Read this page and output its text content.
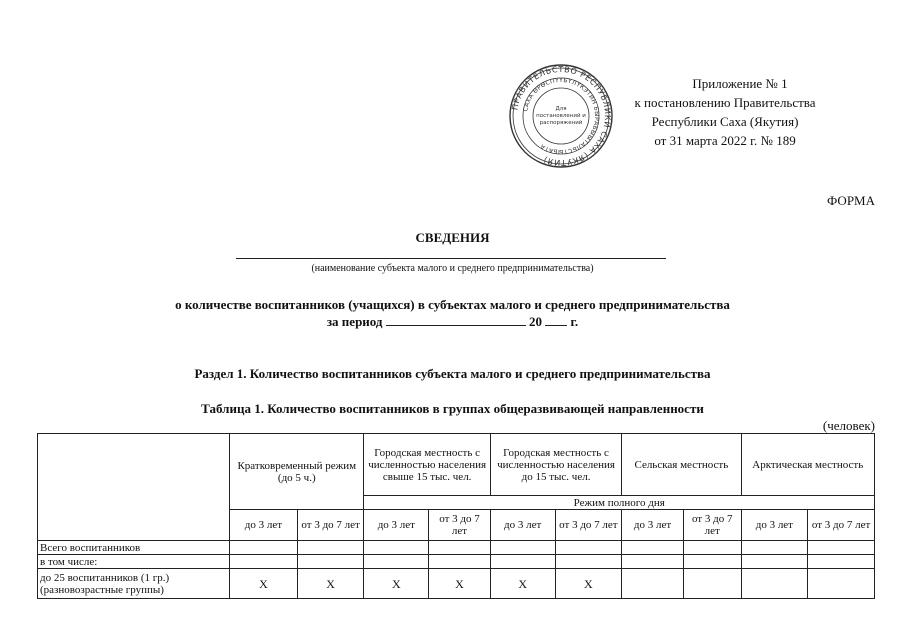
ПРАВИТЕЛЬСТВО РЕСПУБЛИКИ САХА (ЯКУТИЯ)
САХА ӨРӨСПҮҮБҮЛҮКЭТИН БЫРАБЫЫТАЛЬСТЫБАТА
Для
постановлений и
распоряжений
Приложение № 1
к постановлению Правительства
Республики Саха (Якутия)
от 31 марта 2022 г. № 189
ФОРМА
СВЕДЕНИЯ
(наименование субъекта малого и среднего предпринимательства)
о количестве воспитанников (учащихся) в субъектах малого и среднего предпринимательства
за период	20 г.
Раздел 1. Количество воспитанников субъекта малого и среднего предпринимательства
Таблица 1. Количество воспитанников в группах общеразвивающей направленности
(человек)
	Кратковременный режим (до 5 ч.)		Городская местность с численностью населения свыше 15 тыс. чел.		Городская местность с численностью населения до 15 тыс. чел.		Сельская местность		Арктическая местность	
			Режим полного дня							
	до 3 лет	от 3 до 7 лет	до 3 лет	от 3 до 7 лет	до 3 лет	от 3 до 7 лет	до 3 лет	от 3 до 7 лет	до 3 лет	от 3 до 7 лет
Всего воспитанников										
в том числе:										
до 25 воспитанников (1 гр.) (разновозрастные группы)	Х	Х	Х	Х	Х	Х				
